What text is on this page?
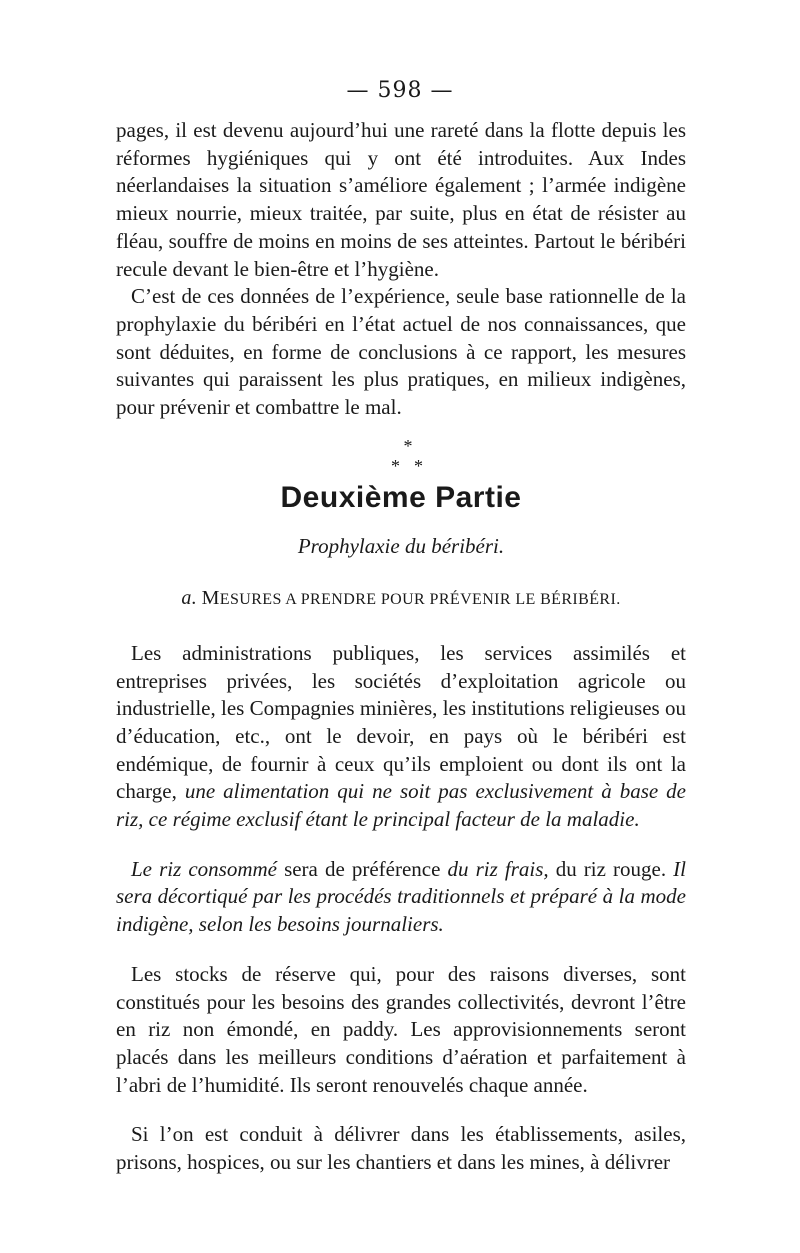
— 598 —

pages, il est devenu aujourd’hui une rareté dans la flotte depuis les réformes hygiéniques qui y ont été introduites. Aux Indes néerlandaises la situation s’améliore également ; l’armée indigène mieux nourrie, mieux traitée, par suite, plus en état de résister au fléau, souffre de moins en moins de ses atteintes. Partout le béribéri recule devant le bien-être et l’hygiène.

C’est de ces données de l’expérience, seule base rationnelle de la prophylaxie du béribéri en l’état actuel de nos connaissances, que sont déduites, en forme de conclusions à ce rapport, les mesures suivantes qui paraissent les plus pratiques, en milieux indigènes, pour prévenir et combattre le mal.

*
**
Deuxième Partie
Prophylaxie du béribéri.
a. MESURES A PRENDRE POUR PRÉVENIR LE BÉRIBÉRI.

Les administrations publiques, les services assimilés et entreprises privées, les sociétés d’exploitation agricole ou industrielle, les Compagnies minières, les institutions religieuses ou d’éducation, etc., ont le devoir, en pays où le béribéri est endémique, de fournir à ceux qu’ils emploient ou dont ils ont la charge, une alimentation qui ne soit pas exclusivement à base de riz, ce régime exclusif étant le principal facteur de la maladie.

Le riz consommé sera de préférence du riz frais, du riz rouge. Il sera décortiqué par les procédés traditionnels et préparé à la mode indigène, selon les besoins journaliers.

Les stocks de réserve qui, pour des raisons diverses, sont constitués pour les besoins des grandes collectivités, devront l’être en riz non émondé, en paddy. Les approvisionnements seront placés dans les meilleurs conditions d’aération et parfaitement à l’abri de l’humidité. Ils seront renouvelés chaque année.

Si l’on est conduit à délivrer dans les établissements, asiles, prisons, hospices, ou sur les chantiers et dans les mines, à délivrer
